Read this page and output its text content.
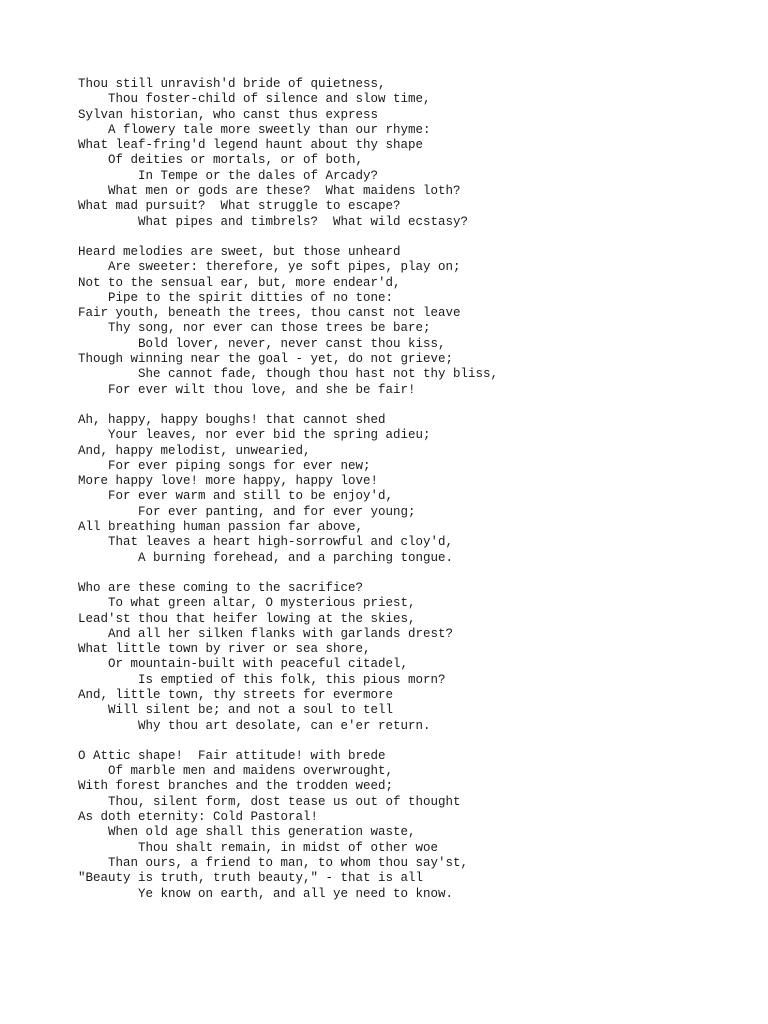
Thou still unravish'd bride of quietness,
Thou foster-child of silence and slow time,
Sylvan historian, who canst thus express
A flowery tale more sweetly than our rhyme:
What leaf-fring'd legend haunt about thy shape
Of deities or mortals, or of both,
In Tempe or the dales of Arcady?
What men or gods are these?  What maidens loth?
What mad pursuit?  What struggle to escape?
What pipes and timbrels?  What wild ecstasy?
Heard melodies are sweet, but those unheard
Are sweeter: therefore, ye soft pipes, play on;
Not to the sensual ear, but, more endear'd,
Pipe to the spirit ditties of no tone:
Fair youth, beneath the trees, thou canst not leave
Thy song, nor ever can those trees be bare;
Bold lover, never, never canst thou kiss,
Though winning near the goal - yet, do not grieve;
She cannot fade, though thou hast not thy bliss,
For ever wilt thou love, and she be fair!
Ah, happy, happy boughs! that cannot shed
Your leaves, nor ever bid the spring adieu;
And, happy melodist, unwearied,
For ever piping songs for ever new;
More happy love! more happy, happy love!
For ever warm and still to be enjoy'd,
For ever panting, and for ever young;
All breathing human passion far above,
That leaves a heart high-sorrowful and cloy'd,
A burning forehead, and a parching tongue.
Who are these coming to the sacrifice?
To what green altar, O mysterious priest,
Lead'st thou that heifer lowing at the skies,
And all her silken flanks with garlands drest?
What little town by river or sea shore,
Or mountain-built with peaceful citadel,
Is emptied of this folk, this pious morn?
And, little town, thy streets for evermore
Will silent be; and not a soul to tell
Why thou art desolate, can e'er return.
O Attic shape!  Fair attitude! with brede
Of marble men and maidens overwrought,
With forest branches and the trodden weed;
Thou, silent form, dost tease us out of thought
As doth eternity: Cold Pastoral!
When old age shall this generation waste,
Thou shalt remain, in midst of other woe
Than ours, a friend to man, to whom thou say'st,
"Beauty is truth, truth beauty," - that is all
Ye know on earth, and all ye need to know.
